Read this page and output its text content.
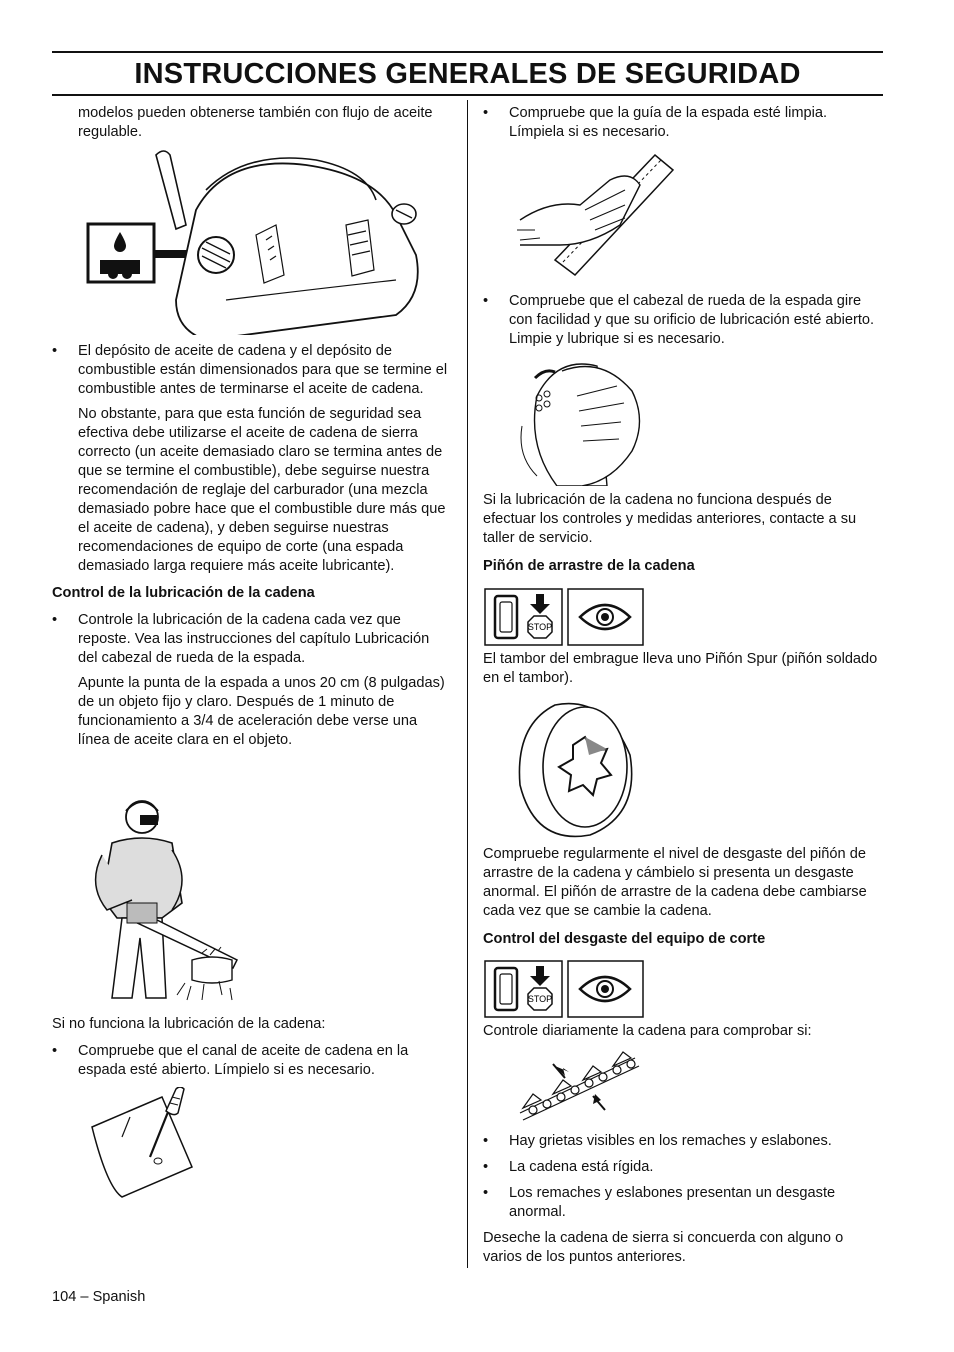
INSTRUCCIONES GENERALES DE SEGURIDAD

modelos pueden obtenerse también con flujo de aceite regulable.

• El depósito de aceite de cadena y el depósito de combustible están dimensionados para que se termine el combustible antes de terminarse el aceite de cadena.

No obstante, para que esta función de seguridad sea efectiva debe utilizarse el aceite de cadena de sierra correcto (un aceite demasiado claro se termina antes de que se termine el combustible), debe seguirse nuestra recomendación de reglaje del carburador (una mezcla demasiado pobre hace que el combustible dure más que el aceite de cadena), y deben seguirse nuestras recomendaciones de equipo de corte (una espada demasiado larga requiere más aceite lubricante).

Control de la lubricación de la cadena

• Controle la lubricación de la cadena cada vez que reposte. Vea las instrucciones del capítulo Lubricación del cabezal de rueda de la espada.

Apunte la punta de la espada a unos 20 cm (8 pulgadas) de un objeto fijo y claro. Después de 1 minuto de funcionamiento a 3/4 de aceleración debe verse una línea de aceite clara en el objeto.

Si no funciona la lubricación de la cadena:

• Compruebe que el canal de aceite de cadena en la espada esté abierto. Límpielo si es necesario.

• Compruebe que la guía de la espada esté limpia. Límpiela si es necesario.

• Compruebe que el cabezal de rueda de la espada gire con facilidad y que su orificio de lubricación esté abierto. Limpie y lubrique si es necesario.

Si la lubricación de la cadena no funciona después de efectuar los controles y medidas anteriores, contacte a su taller de servicio.

Piñón de arrastre de la cadena

El tambor del embrague lleva uno Piñón Spur (piñón soldado en el tambor).

Compruebe regularmente el nivel de desgaste del piñón de arrastre de la cadena y cámbielo si presenta un desgaste anormal. El piñón de arrastre de la cadena debe cambiarse cada vez que se cambie la cadena.

Control del desgaste del equipo de corte

Controle diariamente la cadena para comprobar si:

• Hay grietas visibles en los remaches y eslabones.

• La cadena está rígida.

• Los remaches y eslabones presentan un desgaste anormal.

Deseche la cadena de sierra si concuerda con alguno o varios de los puntos anteriores.

STOP
STOP
104 – Spanish
